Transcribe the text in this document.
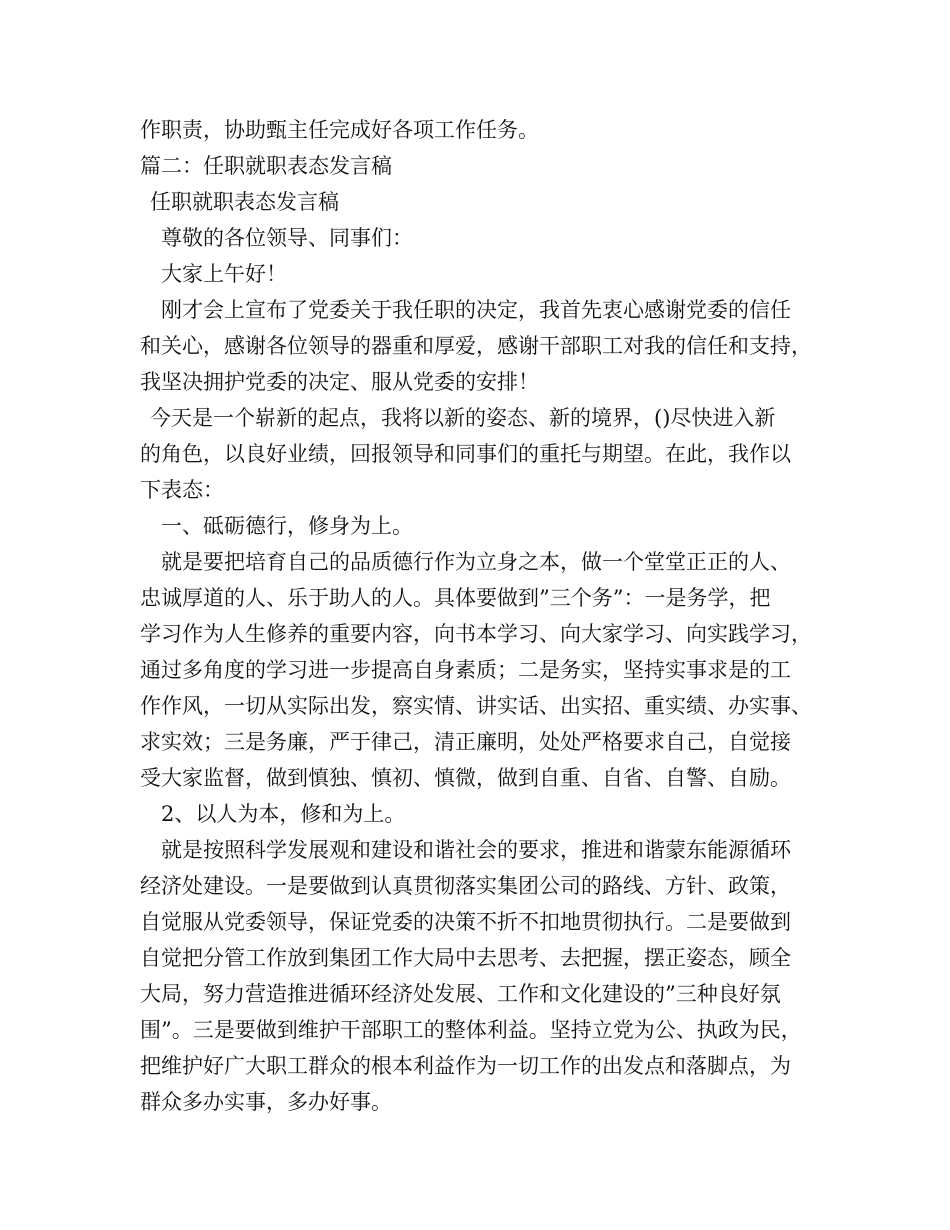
作职责，协助甄主任完成好各项工作任务。
篇二：任职就职表态发言稿
任职就职表态发言稿
尊敬的各位领导、同事们：
大家上午好！
刚才会上宣布了党委关于我任职的决定，我首先衷心感谢党委的信任
和关心，感谢各位领导的器重和厚爱，感谢干部职工对我的信任和支持，
我坚决拥护党委的决定、服从党委的安排！
今天是一个崭新的起点，我将以新的姿态、新的境界，()尽快进入新
的角色，以良好业绩，回报领导和同事们的重托与期望。在此，我作以
下表态：
一、砥砺德行，修身为上。
就是要把培育自己的品质德行作为立身之本，做一个堂堂正正的人、
忠诚厚道的人、乐于助人的人。具体要做到”三个务”：一是务学，把
学习作为人生修养的重要内容，向书本学习、向大家学习、向实践学习，
通过多角度的学习进一步提高自身素质；二是务实，坚持实事求是的工
作作风，一切从实际出发，察实情、讲实话、出实招、重实绩、办实事、
求实效；三是务廉，严于律己，清正廉明，处处严格要求自己，自觉接
受大家监督，做到慎独、慎初、慎微，做到自重、自省、自警、自励。
2、以人为本，修和为上。
就是按照科学发展观和建设和谐社会的要求，推进和谐蒙东能源循环
经济处建设。一是要做到认真贯彻落实集团公司的路线、方针、政策，
自觉服从党委领导，保证党委的决策不折不扣地贯彻执行。二是要做到
自觉把分管工作放到集团工作大局中去思考、去把握，摆正姿态，顾全
大局，努力营造推进循环经济处发展、工作和文化建设的”三种良好氛
围”。三是要做到维护干部职工的整体利益。坚持立党为公、执政为民，
把维护好广大职工群众的根本利益作为一切工作的出发点和落脚点，为
群众多办实事，多办好事。
